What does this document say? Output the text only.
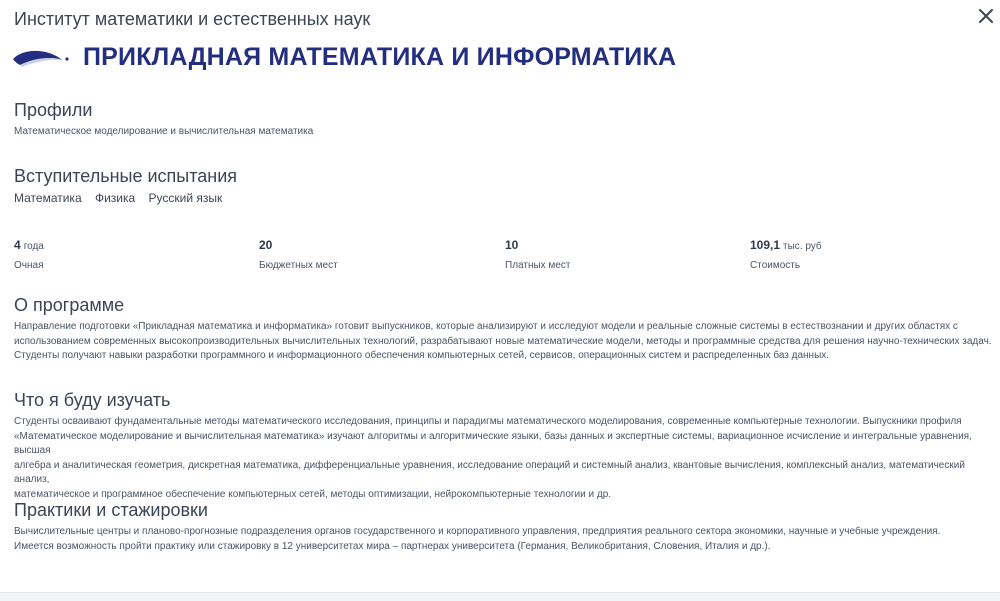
Институт математики и естественных наук
ПРИКЛАДНАЯ МАТЕМАТИКА И ИНФОРМАТИКА
Профили
Математическое моделирование и вычислительная математика
Вступительные испытания
Математика Физика Русский язык
4 года
Очная
20
Бюджетных мест
10
Платных мест
109,1 тыс. руб
Стоимость
О программе

Направление подготовки «Прикладная математика и информатика» готовит выпускников, которые анализируют и исследуют модели и реальные сложные системы в естествознании и других областях с

использованием современных высокопроизводительных вычислительных технологий, разрабатывают новые математические модели, методы и программные средства для решения научно-технических задач.

Студенты получают навыки разработки программного и информационного обеспечения компьютерных сетей, сервисов, операционных систем и распределенных баз данных.

Что я буду изучать

Студенты осваивают фундаментальные методы математического исследования, принципы и парадигмы математического моделирования, современные компьютерные технологии. Выпускники профиля

«Математическое моделирование и вычислительная математика» изучают алгоритмы и алгоритмические языки, базы данных и экспертные системы, вариационное исчисление и интегральные уравнения, высшая

алгебра и аналитическая геометрия, дискретная математика, дифференциальные уравнения, исследование операций и системный анализ, квантовые вычисления, комплексный анализ, математический анализ,

математическое и программное обеспечение компьютерных сетей, методы оптимизации, нейрокомпьютерные технологии и др.

Практики и стажировки

Вычислительные центры и планово-прогнозные подразделения органов государственного и корпоративного управления, предприятия реального сектора экономики, научные и учебные учреждения.

Имеется возможность пройти практику или стажировку в 12 университетах мира – партнерах университета (Германия, Великобритания, Словения, Италия и др.).
